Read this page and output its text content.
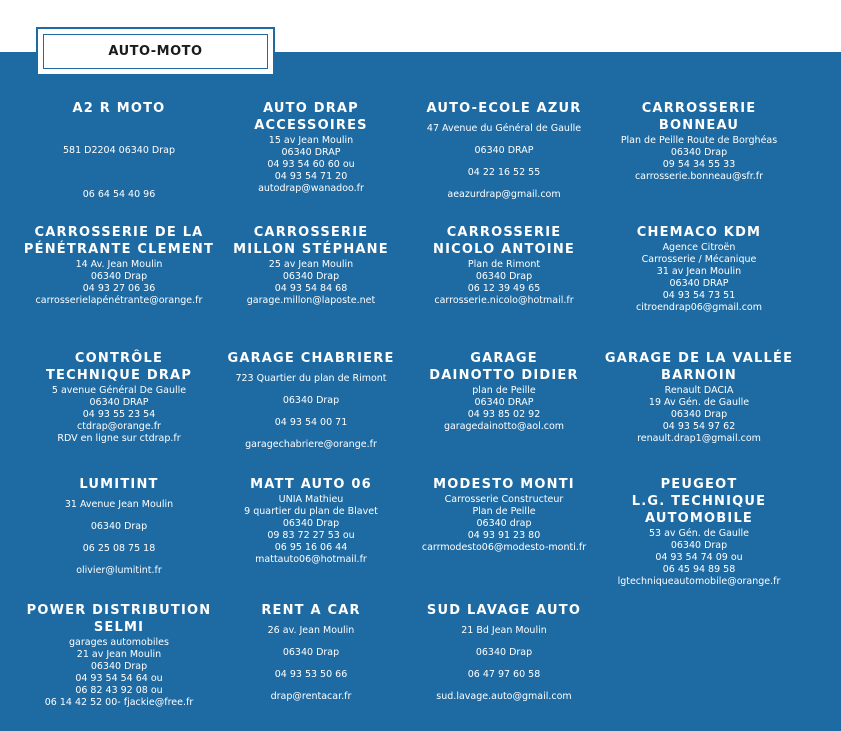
AUTO-MOTO
A2 R MOTO

581 D2204 06340 Drap

06 64 54 40 96
AUTO DRAP
ACCESSOIRES
15 av Jean Moulin
06340 DRAP
04 93 54 60 60 ou
04 93 54 71 20
autodrap@wanadoo.fr
AUTO-ECOLE AZUR
47 Avenue du Général de Gaulle
06340 DRAP
04 22 16 52 55
aeazurdrap@gmail.com
CARROSSERIE
BONNEAU
Plan de Peille Route de Borghéas
06340 Drap
09 54 34 55 33
carrosserie.bonneau@sfr.fr
CARROSSERIE DE LA
PÉNÉTRANTE CLEMENT
14 Av. Jean Moulin
06340 Drap
04 93 27 06 36
carrosserielapénétrante@orange.fr
CARROSSERIE
MILLON STÉPHANE
25 av Jean Moulin
06340 Drap
04 93 54 84 68
garage.millon@laposte.net
CARROSSERIE
NICOLO ANTOINE
Plan de Rimont
06340 Drap
06 12 39 49 65
carrosserie.nicolo@hotmail.fr
CHEMACO KDM
Agence Citroën
Carrosserie / Mécanique
31 av Jean Moulin
06340 DRAP
04 93 54 73 51
citroendrap06@gmail.com
CONTRÔLE
TECHNIQUE DRAP
5 avenue Général De Gaulle
06340 DRAP
04 93 55 23 54
ctdrap@orange.fr
RDV en ligne sur ctdrap.fr
GARAGE CHABRIERE
723 Quartier du plan de Rimont
06340 Drap
04 93 54 00 71
garagechabriere@orange.fr
GARAGE
DAINOTTO DIDIER
plan de Peille
06340 DRAP
04 93 85 02 92
garagedainotto@aol.com
GARAGE DE LA VALLÉE
BARNOIN
Renault DACIA
19 Av Gén. de Gaulle
06340 Drap
04 93 54 97 62
renault.drap1@gmail.com
LUMITINT
31 Avenue Jean Moulin
06340 Drap
06 25 08 75 18
olivier@lumitint.fr
MATT AUTO 06
UNIA Mathieu
9 quartier du plan de Blavet
06340 Drap
09 83 72 27 53 ou
06 95 16 06 44
mattauto06@hotmail.fr
MODESTO MONTI
Carrosserie Constructeur
Plan de Peille
06340 drap
04 93 91 23 80
carrmodesto06@modesto-monti.fr
PEUGEOT
L.G. TECHNIQUE
AUTOMOBILE
53 av Gén. de Gaulle
06340 Drap
04 93 54 74 09 ou
06 45 94 89 58
lgtechniqueautomobile@orange.fr
POWER DISTRIBUTION
SELMI
garages automobiles
21 av Jean Moulin
06340 Drap
04 93 54 54 64 ou
06 82 43 92 08 ou
06 14 42 52 00- fjackie@free.fr
RENT A CAR
26 av. Jean Moulin
06340 Drap
04 93 53 50 66
drap@rentacar.fr
SUD LAVAGE AUTO
21 Bd Jean Moulin
06340 Drap
06 47 97 60 58
sud.lavage.auto@gmail.com
